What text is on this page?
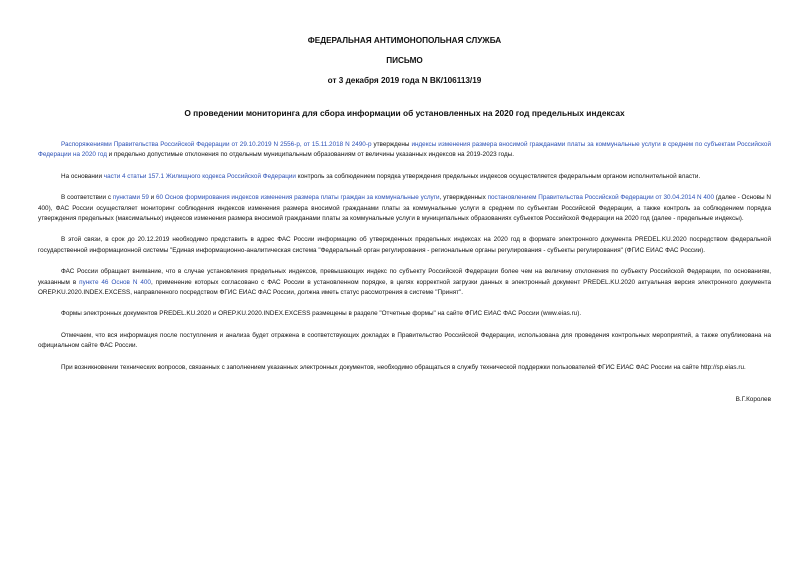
ФЕДЕРАЛЬНАЯ АНТИМОНОПОЛЬНАЯ СЛУЖБА
ПИСЬМО
от 3 декабря 2019 года N ВК/106113/19
О проведении мониторинга для сбора информации об установленных на 2020 год предельных индексах

Распоряжениями Правительства Российской Федерации от 29.10.2019 N 2556-р, от 15.11.2018 N 2490-р утверждены индексы изменения размера вносимой гражданами платы за коммунальные услуги в среднем по субъектам Российской Федерации на 2020 год и предельно допустимые отклонения по отдельным муниципальным образованиям от величины указанных индексов на 2019-2023 годы.

На основании части 4 статьи 157.1 Жилищного кодекса Российской Федерации контроль за соблюдением порядка утверждения предельных индексов осуществляется федеральным органом исполнительной власти.

В соответствии с пунктами 59 и 60 Основ формирования индексов изменения размера платы граждан за коммунальные услуги, утвержденных постановлением Правительства Российской Федерации от 30.04.2014 N 400 (далее - Основы N 400), ФАС России осуществляет мониторинг соблюдения индексов изменения размера вносимой гражданами платы за коммунальные услуги в среднем по субъектам Российской Федерации, а также контроль за соблюдением порядка утверждения предельных (максимальных) индексов изменения размера вносимой гражданами платы за коммунальные услуги в муниципальных образованиях субъектов Российской Федерации на 2020 год (далее - предельные индексы).

В этой связи, в срок до 20.12.2019 необходимо представить в адрес ФАС России информацию об утвержденных предельных индексах на 2020 год в формате электронного документа PREDEL.KU.2020 посредством федеральной государственной информационной системы "Единая информационно-аналитическая система "Федеральный орган регулирования - региональные органы регулирования - субъекты регулирования" (ФГИС ЕИАС ФАС России).

ФАС России обращает внимание, что в случае установления предельных индексов, превышающих индекс по субъекту Российской Федерации более чем на величину отклонения по субъекту Российской Федерации, по основаниям, указанным в пункте 46 Основ N 400, применение которых согласовано с ФАС России в установленном порядке, в целях корректной загрузки данных в электронный документ PREDEL.KU.2020 актуальная версия электронного документа OREP.KU.2020.INDEX.EXCESS, направленного посредством ФГИС ЕИАС ФАС России, должна иметь статус рассмотрения в системе "Принят".

Формы электронных документов PREDEL.KU.2020 и OREP.KU.2020.INDEX.EXCESS размещены в разделе "Отчетные формы" на сайте ФГИС ЕИАС ФАС России (www.eias.ru).

Отмечаем, что вся информация после поступления и анализа будет отражена в соответствующих докладах в Правительство Российской Федерации, использована для проведения контрольных мероприятий, а также опубликована на официальном сайте ФАС России.

При возникновении технических вопросов, связанных с заполнением указанных электронных документов, необходимо обращаться в службу технической поддержки пользователей ФГИС ЕИАС ФАС России на сайте http://sp.eias.ru.

В.Г.Королев
